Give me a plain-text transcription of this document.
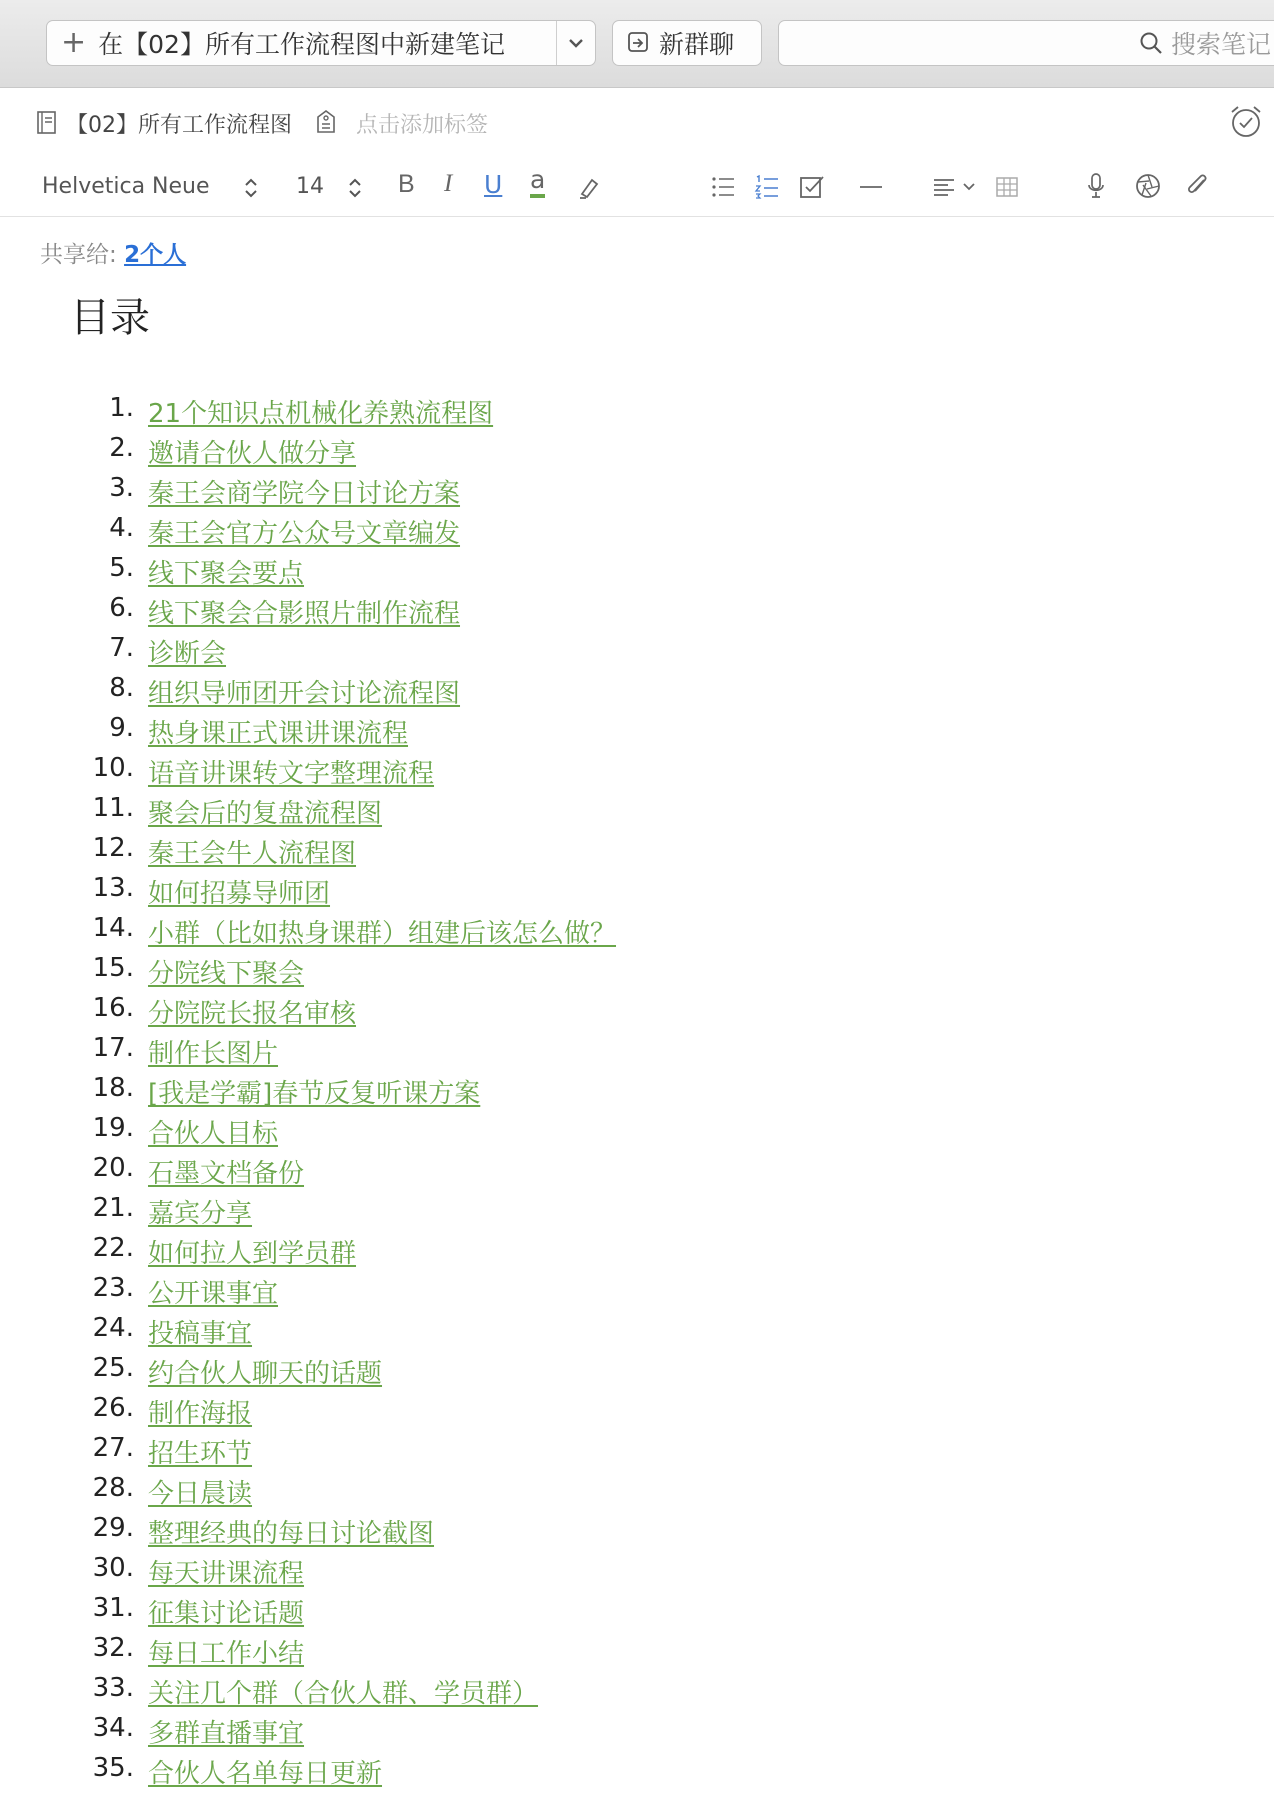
+ 在【02】所有工作流程图中新建笔记	新群聊	搜索笔记
【02】所有工作流程图	点击添加标签
Helvetica Neue	14	B I U a
共享给: 2个人
目录
1. 21个知识点机械化养熟流程图
2. 邀请合伙人做分享
3. 秦王会商学院今日讨论方案
4. 秦王会官方公众号文章编发
5. 线下聚会要点
6. 线下聚会合影照片制作流程
7. 诊断会
8. 组织导师团开会讨论流程图
9. 热身课正式课讲课流程
10. 语音讲课转文字整理流程
11. 聚会后的复盘流程图
12. 秦王会牛人流程图
13. 如何招募导师团
14. 小群（比如热身课群）组建后该怎么做？
15. 分院线下聚会
16. 分院院长报名审核
17. 制作长图片
18. [我是学霸]春节反复听课方案
19. 合伙人目标
20. 石墨文档备份
21. 嘉宾分享
22. 如何拉人到学员群
23. 公开课事宜
24. 投稿事宜
25. 约合伙人聊天的话题
26. 制作海报
27. 招生环节
28. 今日晨读
29. 整理经典的每日讨论截图
30. 每天讲课流程
31. 征集讨论话题
32. 每日工作小结
33. 关注几个群（合伙人群、学员群）
34. 多群直播事宜
35. 合伙人名单每日更新
